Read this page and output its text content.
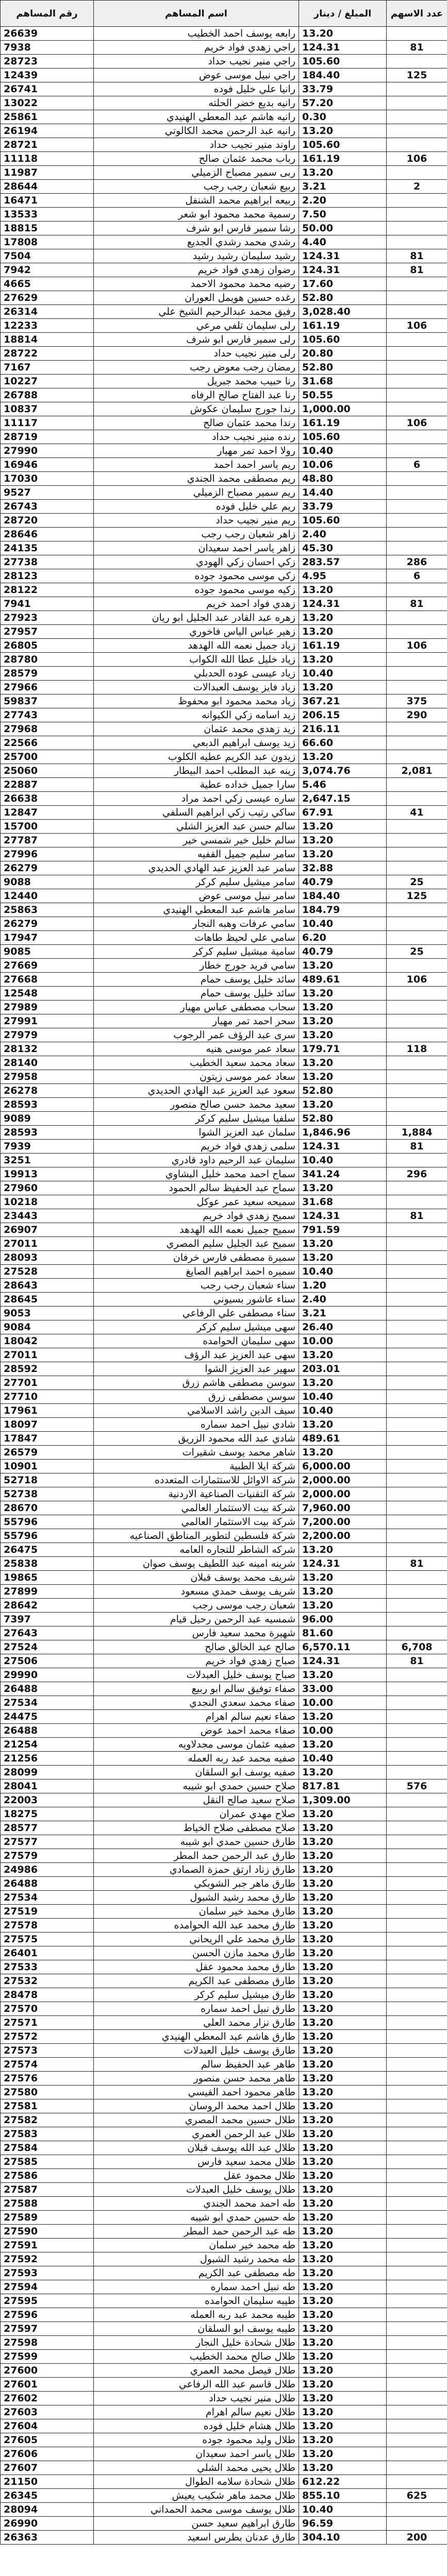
عدد الاسهم	المبلغ / دينار	اسم المساهم	رقم المساهم
	13.20	رابعه يوسف احمد الخطيب	26639
81	124.31	راجي زهدي فواد خريم	7938
	105.60	راجي منير نجيب حداد	28723
125	184.40	راجي نبيل موسى عوض	12439
	33.79	رانيا علي خليل فوده	26741
	57.20	رانيه بديع خضر الحلته	13022
	0.30	رانيه هاشم عبد المعطي الهنيدي	25861
	13.20	رانيه عبد الرحمن محمد الكالوتي	26194
	105.60	راوند منير نجيب حداد	28721
106	161.19	رباب محمد عثمان صالح	11118
	13.20	ربى سمير مصباح الزميلي	11987
2	3.21	ربيع شعبان رجب رجب	28644
	2.20	ربيعه ابراهيم محمد الشنفل	16471
	7.50	رسمية محمد محمود ابو شعر	13533
	50.00	رشا سمير فارس ابو شرف	18815
	4.40	رشدي محمد رشدي الجديع	17808
81	124.31	رشيد سليمان رشيد رشيد	7504
81	124.31	رضوان زهدي فواد خريم	7942
	17.60	رضيه محمد محمود الاحمد	4665
	52.80	رغده حسين هويمل العوران	27629
	3,028.40	رفيق محمد عبدالرحيم الشيخ علي	26314
106	161.19	رلى سليمان تلفي مرعي	12233
	105.60	رلى سمير فارس ابو شرف	18814
	20.80	رلى منير نجيب حداد	28722
	52.80	رمضان رجب معوض رجب	7167
	31.68	رنا حبيب محمد جبريل	10227
	50.55	رنا عبد الفتاح صالح الرفاه	26788
	1,000.00	رندا جورج سليمان عكوش	10837
106	161.19	رندا محمد عثمان صالح	11117
	105.60	رنده منير نجيب حداد	28719
	10.40	رولا احمد تمر مهيار	27990
6	10.06	ريم ياسر احمد احمد	16946
	48.80	ريم مصطفى محمد الجندي	17030
	14.40	ريم سمير مصباح الزميلي	9527
	33.79	ريم علي خليل فوده	26743
	105.60	ريم منير نجيب حداد	28720
	2.40	زاهر شعبان رجب رجب	28646
	45.30	زاهر ياسر احمد سعيدان	24135
286	283.57	زكي احسان زكي الهودي	27738
6	4.95	زكي موسى محمود جوده	28123
	13.20	زكيه موسى محمود جوده	28122
81	124.31	زهدي فواد احمد خريم	7941
	13.20	زهره عبد القادر عبد الجليل ابو ريان	27923
	13.20	زهير عباس الياس فاخوري	27957
106	161.19	زياد جميل نعمه الله الهدهد	26805
	13.20	زياد خليل عطا الله الكواب	28780
	10.40	زياد عيسى عوده الحدبلي	28579
	13.20	زياد فايز يوسف العبدالات	27966
375	367.21	زياد محمد محمود ابو محفوظ	59837
290	206.15	زيد اسامه زكي الكيوانه	27743
	216.11	زيد زهدي محمد عثمان	27968
	66.60	زيد يوسف ابراهيم الدبعي	22566
	13.20	زيدون عبد الكريم عطيه الكلوب	25700
2,081	3,074.76	زينه عبد المطلب احمد البيطار	25060
	5.46	سارا جميل خداده عطية	22887
	2,647.15	ساره عيسى زكي احمد مراد	26638
41	67.91	ساكي رتيب زكي ابراهيم السلفي	12847
	13.20	سالم حسن عبد العزيز الشلي	15700
	13.20	سالم خليل خير شمسي خير	27787
	13.20	سامر سليم جميل القفيه	27996
	32.88	سامر عبد العزيز عبد الهادي الحديدي	26279
25	40.79	سامر ميشيل سليم كركر	9088
125	184.40	سامر نبيل موسى عوض	12440
	184.79	سامر هاشم عبد المعطي الهنيدي	25863
	10.40	سامي عرفات وهبه النجار	26279
	6.20	سامي علي لحيظ طاهات	17947
25	40.79	سامية ميشيل سليم كركر	9085
	13.20	سامي فريد جورج خطار	27669
106	489.61	سائد خليل يوسف حمام	27668
	13.20	سائد خليل يوسف حمام	12548
	13.20	سحاب مصطفى عباس مهيار	27989
	13.20	سحر احمد تمر مهيار	27991
	13.20	سرى عبد الرؤف عمر الرجوب	27979
118	179.71	سعاد عمر موسى هنيه	28132
	13.20	سعاد محمد سعيد الخطيب	28140
	13.20	سعاد عمر موسى زيتون	27958
	52.80	سعود عبد العزيز عبد الهادي الحديدي	26278
	13.20	سعيد محمد حسن صالح منصور	28593
	52.80	سلفيا ميشيل سليم كركر	9089
1,884	1,846.96	سلمان عبد العزيز الشوا	28593
81	124.31	سلمى زهدي فواد خريم	7939
	10.40	سليمان عبد الرحيم داود قادري	3251
296	341.24	سماح احمد محمد خليل البشاوي	19913
	13.20	سماح عبد الحفيظ سالم الحمود	27960
	31.68	سميحه سعيد عمر عوكل	10218
81	124.31	سميح زهدي فواد خريم	23443
	791.59	سميح جميل نعمه الله الهدهد	26907
	13.20	سميح عبد الجليل سليم المصري	27011
	13.20	سميرة مصطفى فارس خرفان	28093
	10.40	سميره احمد ابراهيم الصايغ	27528
	1.20	سناء شعبان رجب رجب	28643
	2.40	سناء عاشور بسيوني	28645
	3.21	سناء مصطفى علي الرفاعي	9053
	26.40	سهى ميشيل سليم كركر	9084
	10.00	سهى سليمان الحوامده	18042
	13.20	سهى عبد العزيز عبد الرؤف	27011
	203.01	سهير عبد العزيز الشوا	28592
	13.20	سوسن مصطفى هاشم زرق	27701
	10.40	سوسن مصطفى زرق	27710
	10.40	سيف الدين راشد الاسلامي	17961
	13.20	شادي نبيل احمد سماره	18097
	489.61	شادي عبد الله محمود الزريق	17847
	13.20	شاهر محمد يوسف شقيرات	26579
	6,000.00	شركة ايلا الطبية	10901
	2,000.00	شركة الاوائل للاستثمارات المتعدده	52718
	2,000.00	شركة التقنيات الصناعية الاردنية	52738
	7,960.00	شركة بيت الاستثمار العالمي	28670
	7,200.00	شركة بيت الاستثمار العالمي	55796
	2,200.00	شركة فلسطين لتطوير المناطق الصناعيه	55796
	13.20	شركه الشاطر للتجاره العامه	26475
81	124.31	شرينه امينه عبد اللطيف يوسف صوان	25838
	13.20	شريف محمد يوسف قبلان	19865
	13.20	شريف يوسف حمدي مسعود	27899
	13.20	شعبان رجب موسى رجب	28642
	96.00	شمسيه عبد الرحمن رحيل قيام	7397
	81.60	شهيرة محمد سعيد فارس	27643
6,708	6,570.11	صالح عبد الخالق صالح	27524
81	124.31	صباح زهدي فواد خريم	27506
	13.20	صباح يوسف خليل العبدلات	29990
	33.00	صفاء توفيق سالم ابو ربيع	26488
	10.00	صفاء محمد سعدي النجدي	27534
	13.20	صفاء نعيم سالم اهرام	24475
	10.00	صفاء محمد احمد عوض	26488
	13.20	صفيه عثمان موسى مجدلاويه	21254
	10.40	صفيه محمد عبد ربه العمله	21256
	13.20	صفيه يوسف ابو السلقان	28099
576	817.81	صلاح حسين حمدي ابو شيبه	28041
	1,309.00	صلاح سعيد صالح النقل	22003
	13.20	صلاح مهدي عمران	18275
	13.20	صلاح مصطفى صلاح الخياط	28577
	13.20	طارق حسين حمدي ابو شيبه	27577
	13.20	طارق عبد الرحمن حمد المطر	27579
	13.20	طارق زناد ارتق حمزة الصمادي	24986
	13.20	طارق ماهر جبر الشوبكي	26488
	13.20	طارق محمد رشيد الشبول	27534
	13.20	طارق محمد خير سلمان	27519
	13.20	طارق محمد عبد الله الحوامده	27578
	13.20	طارق محمد علي الريحاني	27575
	13.20	طارق محمد مازن الحسن	26401
	13.20	طارق محمد محمود عقل	27533
	13.20	طارق مصطفى عبد الكريم	27532
	13.20	طارق ميشيل سليم كركر	28478
	13.20	طارق نبيل احمد سماره	27570
	13.20	طارق نزار محمد العلي	27571
	13.20	طارق هاشم عبد المعطي الهنيدي	27572
	13.20	طارق يوسف خليل العبدلات	27573
	13.20	طاهر عبد الحفيظ سالم	27574
	13.20	طاهر محمد حسن منصور	27576
	13.20	طاهر محمود احمد القيسي	27580
	13.20	طلال احمد محمد الروسان	27581
	13.20	طلال حسين محمد المصري	27582
	13.20	طلال عبد الرحمن العمري	27583
	13.20	طلال عبد الله يوسف قبلان	27584
	13.20	طلال محمد سعيد فارس	27585
	13.20	طلال محمود عقل	27586
	13.20	طلال يوسف خليل العبدلات	27587
	13.20	طه احمد محمد الجندي	27588
	13.20	طه حسين حمدي ابو شيبه	27589
	13.20	طه عبد الرحمن حمد المطر	27590
	13.20	طه محمد خير سلمان	27591
	13.20	طه محمد رشيد الشبول	27592
	13.20	طه مصطفى عبد الكريم	27593
	13.20	طه نبيل احمد سماره	27594
	13.20	طيبه سليمان الحوامده	27595
	13.20	طيبه محمد عبد ربه العمله	27596
	13.20	طيبه يوسف ابو السلقان	27597
	13.20	طلال شحادة خليل النجار	27598
	13.20	طلال صالح محمد الخطيب	27599
	13.20	طلال فيصل محمد العمري	27600
	13.20	طلال قاسم عبد الله الرفاعي	27601
	13.20	طلال منير نجيب حداد	27602
	13.20	طلال نعيم سالم اهرام	27603
	13.20	طلال هشام خليل فوده	27604
	13.20	طلال وليد محمود جوده	27605
	13.20	طلال ياسر احمد سعيدان	27606
	13.20	طلال يحيى محمد الشلي	27607
	612.22	طلال شحادة سلامه الطوال	21150
625	855.10	طلال محمد ماهر شكيب يعيش	26345
	10.40	طلال يوسف موسى محمد الحمداني	28094
	96.59	طارق ابراهيم سعيد حسن	26990
200	304.10	طارق عدنان بطرس اسعيد	26363
